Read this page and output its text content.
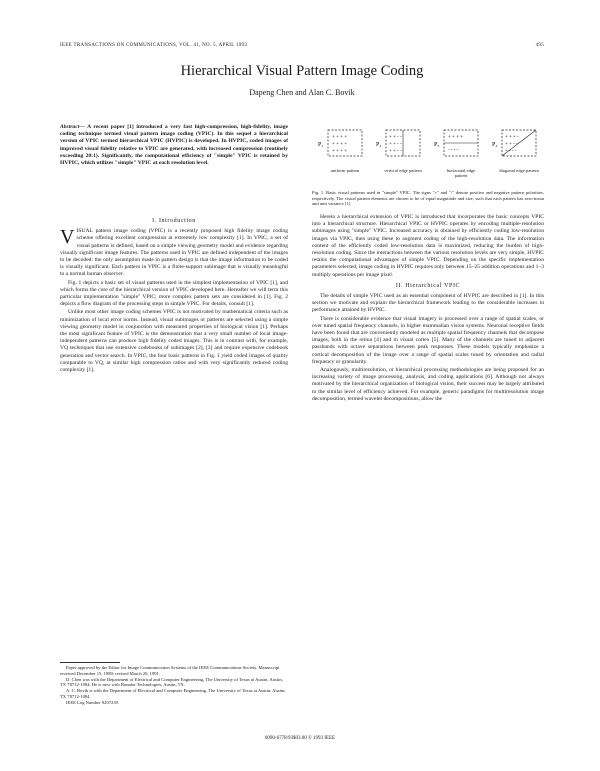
IEEE TRANSACTIONS ON COMMUNICATIONS, VOL. 41, NO. 5, APRIL 1993	495
Hierarchical Visual Pattern Image Coding
Dapeng Chen and Alan C. Bovik
Abstract— A recent paper [1] introduced a very fast high-compression, high-fidelity, image coding technique termed visual pattern image coding (VPIC). In this sequel a hierarchical version of VPIC termed hierarchical VPIC (HVPIC) is developed. In HVPIC, coded images of improved visual fidelity relative to VPIC are generated, with increased compression (routinely exceeding 20:1). Significantly, the computational efficiency of "simple" VPIC is retained by HVPIC, which utilizes "simple" VPIC at each resolution level.
I. Introduction

VISUAL pattern image coding (VPIC) is a recently proposed high fidelity image coding scheme offering excellent compression at extremely low complexity [1]. In VPIC, a set of visual patterns is defined, based on a simple viewing geometry model and evidence regarding visually significant image features. The patterns used in VPIC are defined independent of the images to be decoded: the only assumption made in pattern design is that the image information to be coded is visually significant. Each pattern in VPIC is a finite-support subimage that is visually meaningful to a normal human observer.

Fig. 1 depicts a basic set of visual patterns used in the simplest implementation of VPIC [1], and which forms the core of the hierarchical version of VPIC developed here. Hereafter we will term this particular implementation "simple" VPIC; more complex pattern sets are considered in [1]. Fig. 2 depicts a flow diagram of the processing steps in simple VPIC. For details, consult [1].

Unlike most other image coding schemes VPIC is not motivated by mathematical criteria such as minimization of local error norms. Instead, visual subimages or patterns are selected using a simple viewing geometry model in conjunction with measured properties of biological vision [1]. Perhaps the most significant feature of VPIC is the demonstration that a very small number of local image-independent patterns can produce high fidelity coded images. This is in contrast with, for example, VQ techniques that use extensive codebooks of subimages [2], [3] and require expensive codebook generation and vector search. In VPIC, the four basic patterns in Fig. 1 yield coded images of quality comparable to VQ, at similar high compression ratios and with very significantly reduced coding complexity [1].

Paper approved by the Editor for Image Communication Systems of the IEEE Communications Society. Manuscript received December 15, 1989; revised March 20, 1991.

D. Chen was with the Department of Electrical and Computer Engineering, The University of Texas at Austin, Austin, TX 78712-1084. He is now with Bonnier Technologies, Austin, TX.

A. C. Bovik is with the Department of Electrical and Computer Engineering, The University of Texas at Austin, Austin, TX 78712-1084.

IEEE Log Number 9207239.

P₁
+ + + +
+ + + +
+ + + +
P₂
+ + - -
+ + - -
+ + - -
P₃
+ + + +
- - - -
P₄
+ + + -
+ + - -
+ - - -
uniform pattern	vertical edge pattern	horizontal edge pattern
diagonal edge pattern
Fig. 1. Basic visual patterns used in "simple" VPIC. The signs "+" and "-" denote positive and negative pattern polarities, respectively. The visual pattern elements are chosen to be of equal magnitude and size, such that each pattern has zero-mean and unit variance [1].

Herein a hierarchical extension of VPIC is introduced that incorporates the basic concepts VPIC into a hierarchical structure. Hierarchical VPIC or HVPIC operates by encoding multiple-resolution subimages using "simple" VPIC. Increased accuracy is obtained by efficiently coding low-resolution images via VPIC, then using these to augment coding of the high-resolution data. The information content of the efficiently coded low-resolution data is maximized, reducing the burden of high-resolution coding. Since the interactions between the various resolution levels are very simple, HVPIC retains the computational advantages of simple VPIC. Depending on the specific implementation parameters selected, image coding in HVPIC requires only between 15–25 addition operations and 1–3 multiply operations per image pixel.

II. Hierarchical VPIC

The details of simple VPIC used as an essential component of HVPIC are described in [1]. In this section we motivate and explain the hierarchical framework leading to the considerable increases in performance attained by HVPIC.

There is considerable evidence that visual imagery is processed over a range of spatial scales, or over tuned spatial frequency channels, in higher mammalian vision systems. Neuronal receptive fields have been found that are conveniently modeled as multiple spatial frequency channels that decompose images, both in the retina [4] and in visual cortex [5]. Many of the channels are tuned to adjacent passbands with octave separations between peak responses. These models typically emphasize a cortical decomposition of the image over a range of spatial scales tuned by orientation and radial frequency or granularity.

Analogously, multiresolution, or hierarchical processing methodologies are being proposed for an increasing variety of image processing, analysis, and coding applications [6]. Although not always motivated by the hierarchical organization of biological vision, their success may be largely attributed to the similar level of efficiency achieved. For example, generic paradigms for multiresolution image decomposition, termed wavelet decompositions, allow the

0090-6778/93$03.00 © 1993 IEEE
